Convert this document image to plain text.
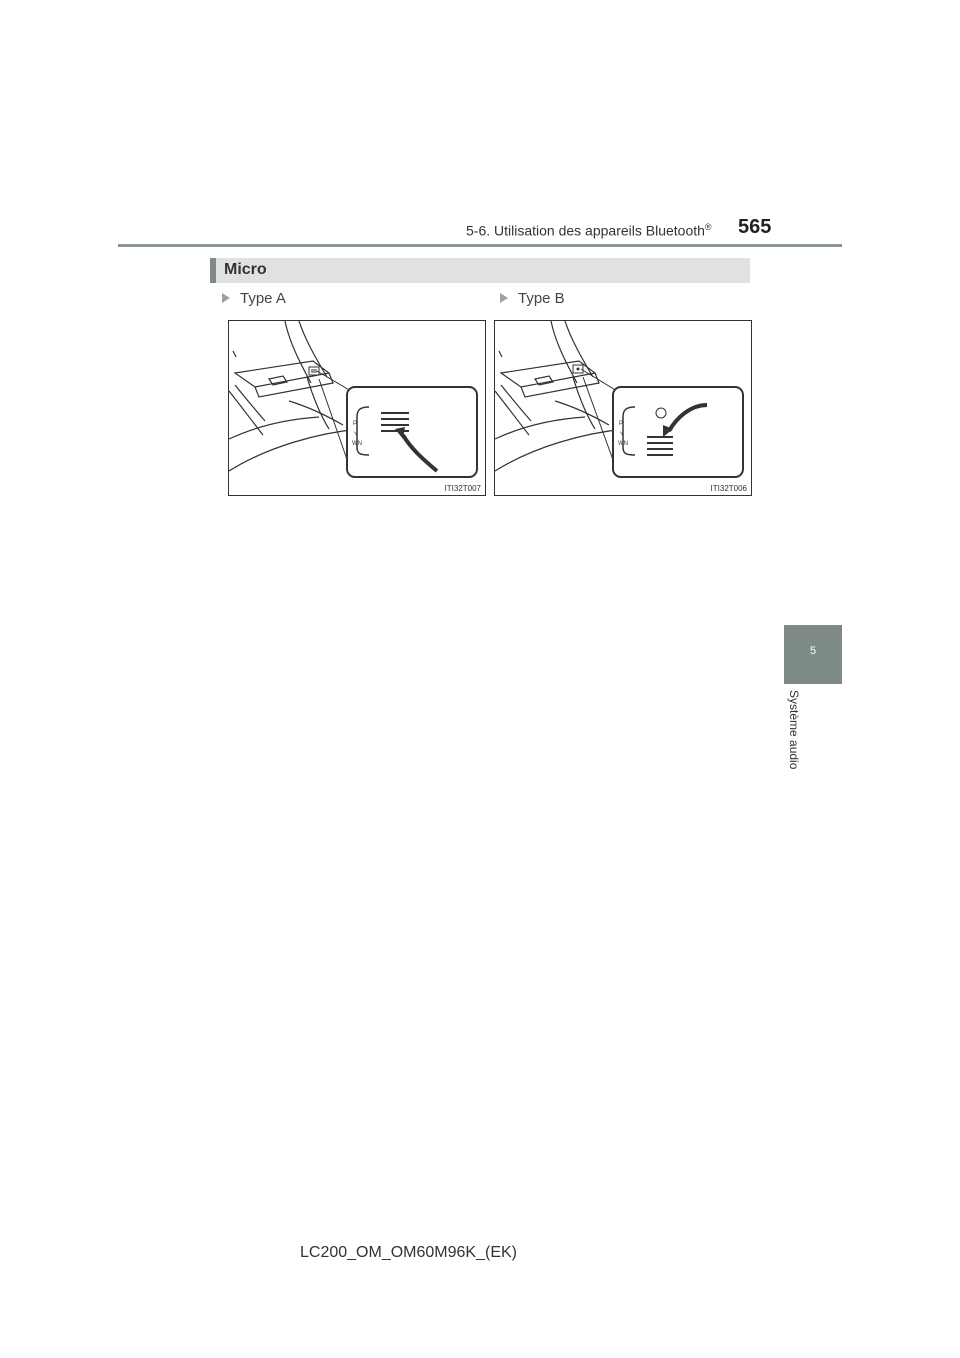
5-6. Utilisation des appareils Bluetooth® 565
Micro
Type A	Type B
P
↘
WN
ITI32T007
P
↘
WN
ITI32T006
5
Système audio
LC200_OM_OM60M96K_(EK)
